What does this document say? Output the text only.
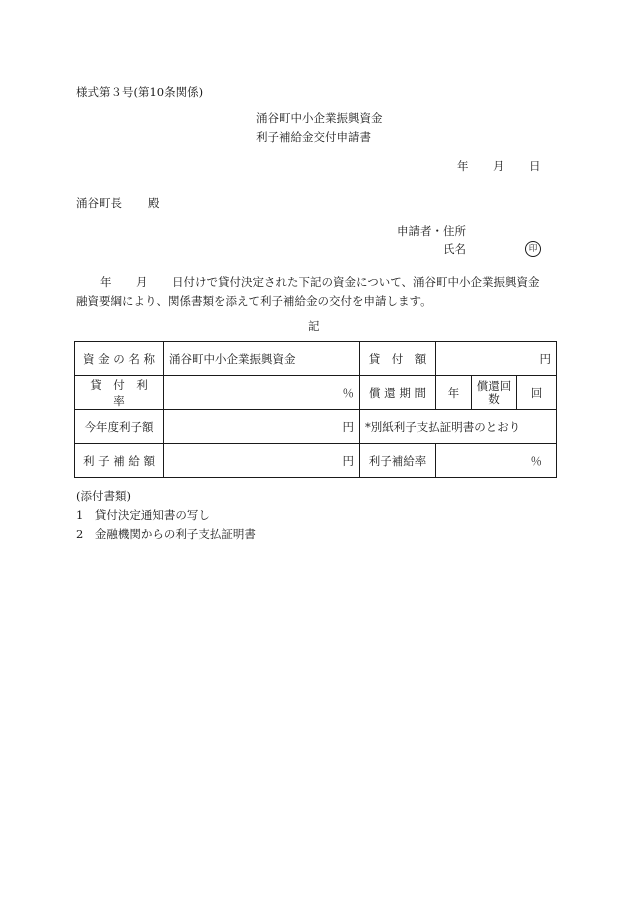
様式第３号(第10条関係)
涌谷町中小企業振興資金
利子補給金交付申請書
年 月 日
涌谷町長 殿
申請者・住所
氏名	印
年 月 日付けで貸付決定された下記の資金について、涌谷町中小企業振興資金
融資要綱により、関係書類を添えて利子補給金の交付を申請します。
記
資 金 の 名 称	涌谷町中小企業振興資金	貸　付　額	円		
貸　付　利　率	％	償 還 期 間	年	償還回数	回
今年度利子額	円	*別紙利子支払証明書のとおり			
利 子 補 給 額	円	利子補給率	％		
(添付書類)
1　貸付決定通知書の写し
2　金融機関からの利子支払証明書
